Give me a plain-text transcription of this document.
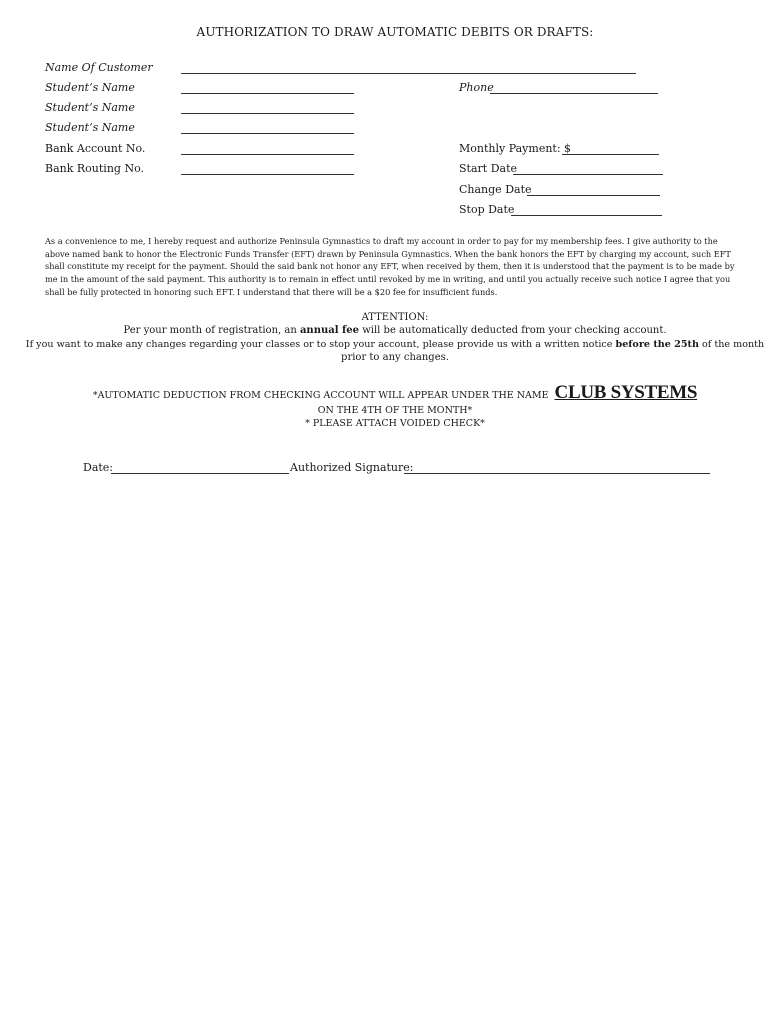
AUTHORIZATION TO DRAW AUTOMATIC DEBITS OR DRAFTS:
Name Of Customer
Student’s Name
Student’s Name
Student’s Name
Bank Account No.
Bank Routing No.
Phone
Monthly Payment: $
Start Date
Change Date
Stop Date
As a convenience to me, I hereby request and authorize Peninsula Gymnastics to draft my account in order to pay for my membership fees. I give authority to the above named bank to honor the Electronic Funds Transfer (EFT) drawn by Peninsula Gymnastics. When the bank honors the EFT by charging my account, such EFT shall constitute my receipt for the payment. Should the said bank not honor any EFT, when received by them, then it is understood that the payment is to be made by me in the amount of the said payment. This authority is to remain in effect until revoked by me in writing, and until you actually receive such notice I agree that you shall be fully protected in honoring such EFT. I understand that there will be a $20 fee for insufficient funds.
ATTENTION:
Per your month of registration, an annual fee will be automatically deducted from your checking account.
If you want to make any changes regarding your classes or to stop your account, please provide us with a written notice before the 25th of the month
prior to any changes.
*AUTOMATIC DEDUCTION FROM CHECKING ACCOUNT WILL APPEAR UNDER THE NAME CLUB SYSTEMS
ON THE 4TH OF THE MONTH*
* PLEASE ATTACH VOIDED CHECK*
Date:	Authorized Signature:
